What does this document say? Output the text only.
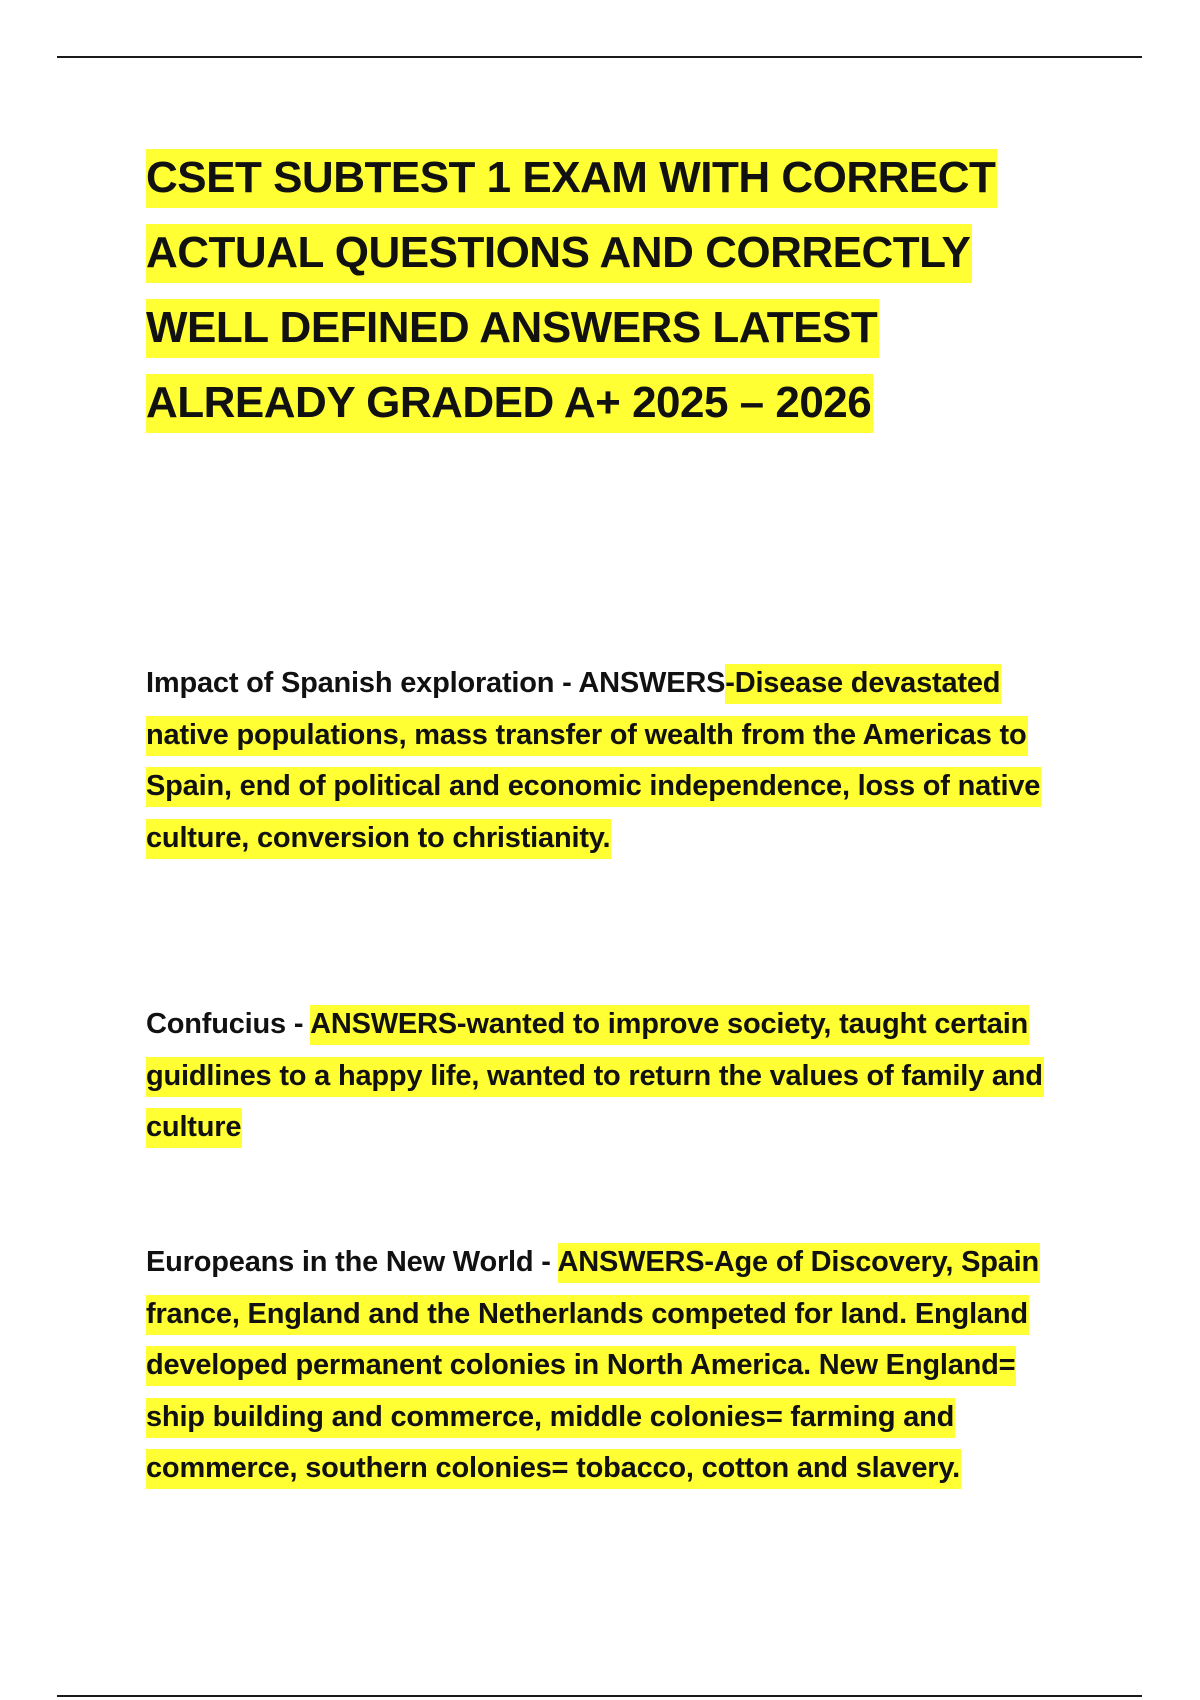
CSET SUBTEST 1 EXAM WITH CORRECT ACTUAL QUESTIONS AND CORRECTLY WELL DEFINED ANSWERS LATEST ALREADY GRADED A+ 2025 – 2026

Impact of Spanish exploration - ANSWERS-Disease devastated native populations, mass transfer of wealth from the Americas to Spain, end of political and economic independence, loss of native culture, conversion to christianity.

Confucius - ANSWERS-wanted to improve society, taught certain guidlines to a happy life, wanted to return the values of family and culture

Europeans in the New World - ANSWERS-Age of Discovery, Spain france, England and the Netherlands competed for land. England developed permanent colonies in North America. New England= ship building and commerce, middle colonies= farming and commerce, southern colonies= tobacco, cotton and slavery.
